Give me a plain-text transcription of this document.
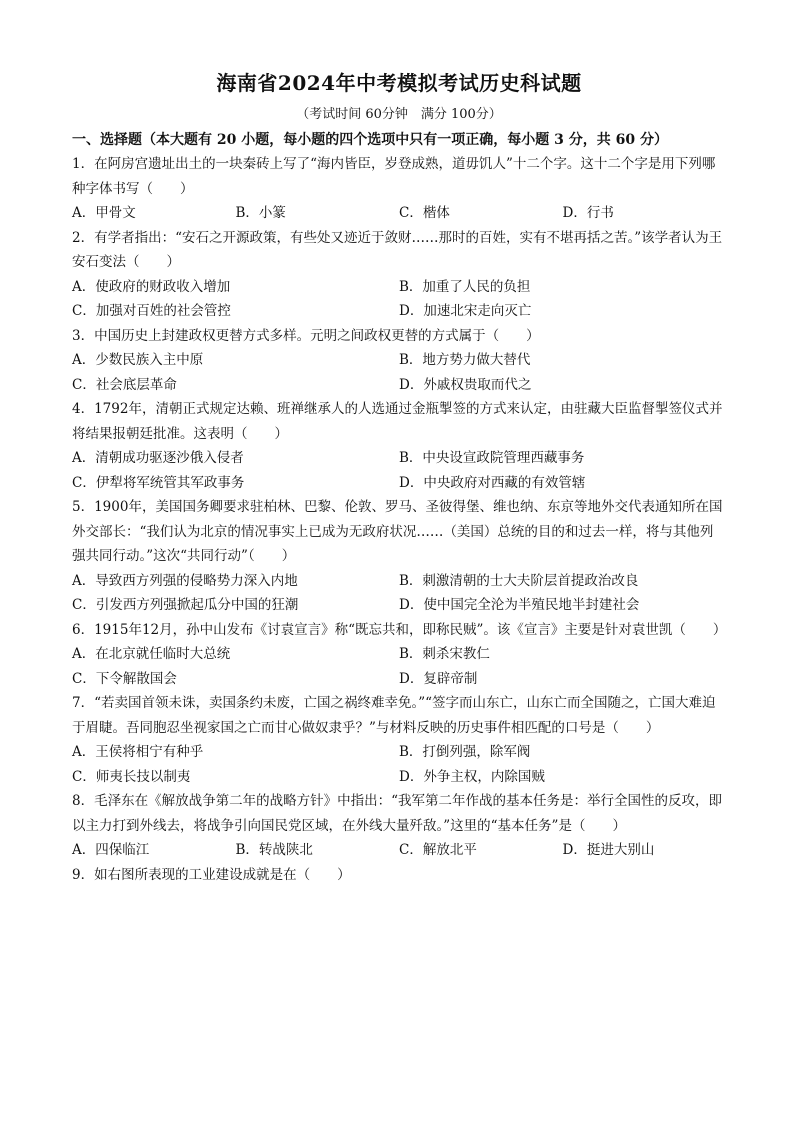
海南省2024年中考模拟考试历史科试题
（考试时间 60分钟　满分 100分）
一、选择题（本大题有 20 小题，每小题的四个选项中只有一项正确，每小题 3 分，共 60 分）
1．在阿房宫遗址出土的一块秦砖上写了“海内皆臣，岁登成熟，道毋饥人”十二个字。这十二个字是用下列哪种字体书写（　　）
A．甲骨文	B．小篆	C．楷体	D．行书
2．有学者指出：“安石之开源政策，有些处又迹近于敛财……那时的百姓，实有不堪再括之苦。”该学者认为王安石变法（　　）
A．使政府的财政收入增加	B．加重了人民的负担
C．加强对百姓的社会管控	D．加速北宋走向灭亡
3．中国历史上封建政权更替方式多样。元明之间政权更替的方式属于（　　）
A．少数民族入主中原	B．地方势力做大替代
C．社会底层革命	D．外戚权贵取而代之
4．1792年，清朝正式规定达赖、班禅继承人的人选通过金瓶掣签的方式来认定，由驻藏大臣监督掣签仪式并将结果报朝廷批准。这表明（　　）
A．清朝成功驱逐沙俄入侵者	B．中央设宣政院管理西藏事务
C．伊犁将军统管其军政事务	D．中央政府对西藏的有效管辖
5．1900年，美国国务卿要求驻柏林、巴黎、伦敦、罗马、圣彼得堡、维也纳、东京等地外交代表通知所在国外交部长：“我们认为北京的情况事实上已成为无政府状况……（美国）总统的目的和过去一样，将与其他列强共同行动。”这次“共同行动”（　　）
A．导致西方列强的侵略势力深入内地	B．刺激清朝的士大夫阶层首提政治改良
C．引发西方列强掀起瓜分中国的狂潮	D．使中国完全沦为半殖民地半封建社会
6．1915年12月，孙中山发布《讨袁宣言》称“既忘共和，即称民贼”。该《宣言》主要是针对袁世凯（　　）
A．在北京就任临时大总统	B．刺杀宋教仁
C．下令解散国会	D．复辟帝制
7．“若卖国首领未诛，卖国条约未废，亡国之祸终难幸免。”“签字而山东亡，山东亡而全国随之，亡国大难迫于眉睫。吾同胞忍坐视家国之亡而甘心做奴隶乎？”与材料反映的历史事件相匹配的口号是（　　）
A．王侯将相宁有种乎	B．打倒列强，除军阀
C．师夷长技以制夷	D．外争主权，内除国贼
8．毛泽东在《解放战争第二年的战略方针》中指出：“我军第二年作战的基本任务是：举行全国性的反攻，即以主力打到外线去，将战争引向国民党区域，在外线大量歼敌。”这里的“基本任务”是（　　）
A．四保临江	B．转战陕北	C．解放北平	D．挺进大别山
9．如右图所表现的工业建设成就是在（　　）
